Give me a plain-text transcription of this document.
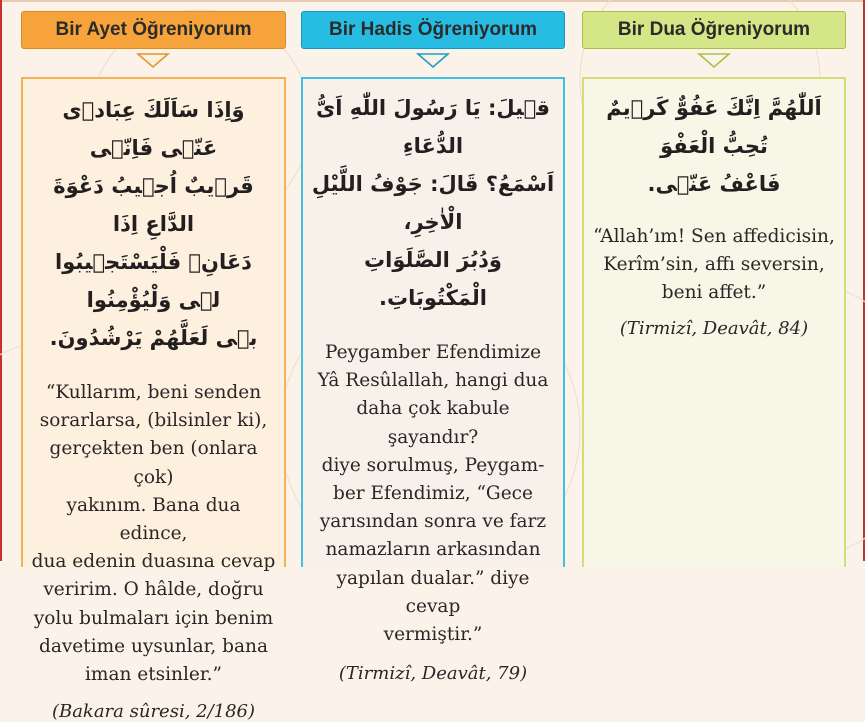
Bir Ayet Öğreniyorum	Bir Hadis Öğreniyorum	Bir Dua Öğreniyorum

وَاِذَا سَاَلَكَ عِبَادٖى عَنّٖى فَاِنّٖى

قَرٖيبٌ اُجٖيبُ دَعْوَةَ الدَّاعِ اِذَا

دَعَانِۙ فَلْيَسْتَجٖيبُوا لٖى وَلْيُؤْمِنُوا

بٖى لَعَلَّهُمْ يَرْشُدُونَ.

“Kullarım, beni senden

sorarlarsa, (bilsinler ki),

gerçekten ben (onlara çok)

yakınım. Bana dua edince,

dua edenin duasına cevap

veririm. O hâlde, doğru

yolu bulmaları için benim

davetime uysunlar, bana

iman etsinler.”

(Bakara sûresi, 2/186)

قٖيلَ: يَا رَسُولَ اللّٰهِ اَىُّ الدُّعَاءِ

اَسْمَعُ؟ قَالَ: جَوْفُ اللَّيْلِ الْاٰخِرِ،

وَدُبُرَ الصَّلَوَاتِ الْمَكْتُوبَاتِ.

Peygamber Efendimize

Yâ Resûlallah, hangi dua

daha çok kabule şayandır?

diye sorulmuş, Peygam-

ber Efendimiz, “Gece

yarısından sonra ve farz

namazların arkasından

yapılan dualar.” diye cevap

vermiştir.”

(Tirmizî, Deavât, 79)

اَللّٰهُمَّ اِنَّكَ عَفُوٌّ كَرٖيمٌ تُحِبُّ الْعَفْوَ

فَاعْفُ عَنّٖى.

“Allah’ım! Sen affedicisin,

Kerîm’sin, affı seversin,

beni affet.”

(Tirmizî, Deavât, 84)
